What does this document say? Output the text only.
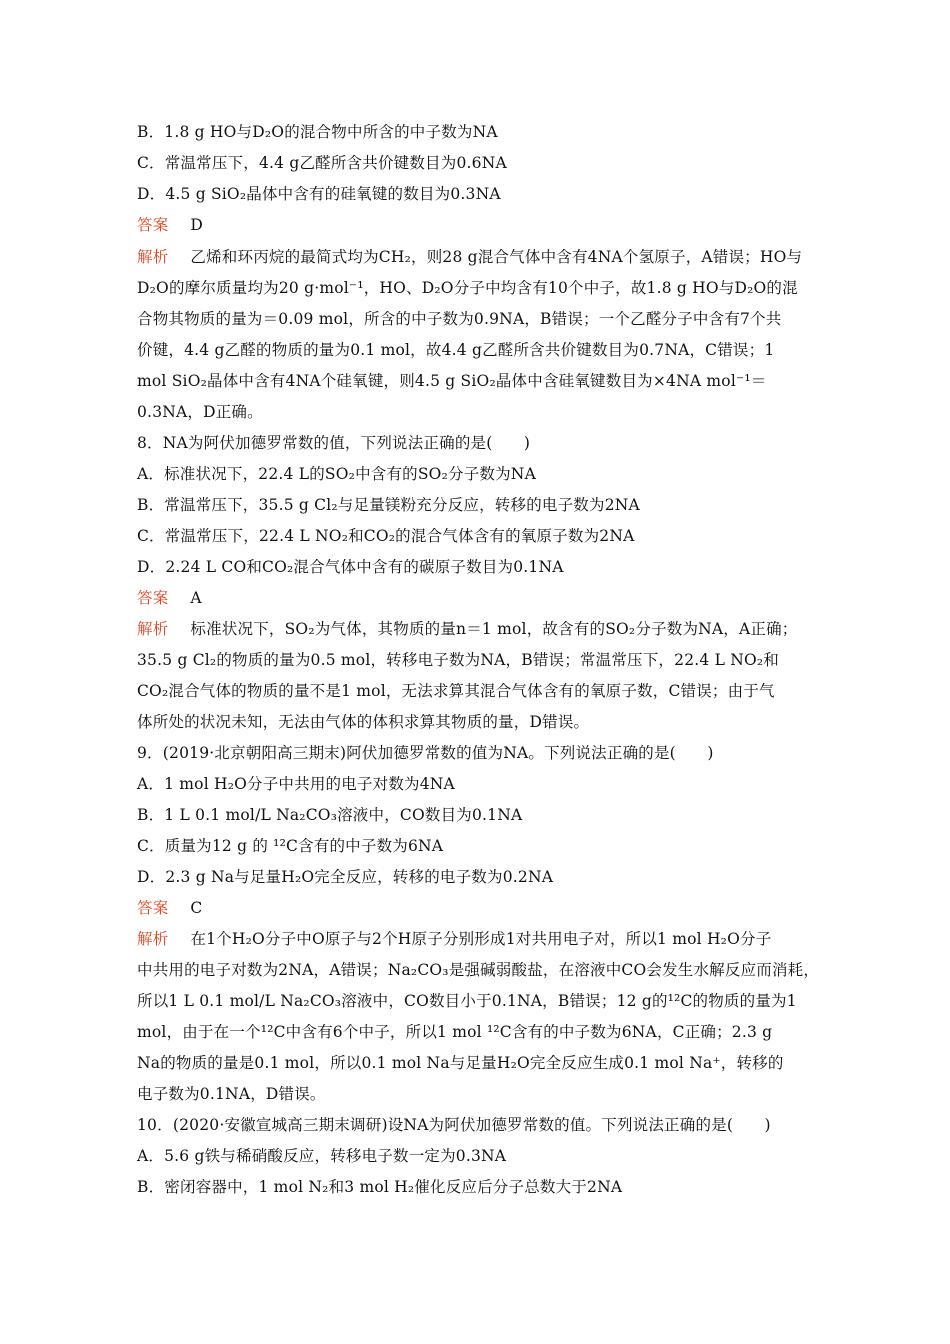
B．1.8 g HO与D₂O的混合物中所含的中子数为NA
C．常温常压下，4.4 g乙醛所含共价键数目为0.6NA
D．4.5 g SiO₂晶体中含有的硅氧键的数目为0.3NA
答案 D
解析 乙烯和环丙烷的最简式均为CH₂，则28 g混合气体中含有4NA个氢原子，A错误；HO与
D₂O的摩尔质量均为20 g·mol⁻¹，HO、D₂O分子中均含有10个中子，故1.8 g HO与D₂O的混
合物其物质的量为＝0.09 mol，所含的中子数为0.9NA，B错误；一个乙醛分子中含有7个共
价键，4.4 g乙醛的物质的量为0.1 mol，故4.4 g乙醛所含共价键数目为0.7NA，C错误；1
mol SiO₂晶体中含有4NA个硅氧键，则4.5 g SiO₂晶体中含硅氧键数目为×4NA mol⁻¹＝
0.3NA，D正确。
8．NA为阿伏加德罗常数的值，下列说法正确的是(　　)
A．标准状况下，22.4 L的SO₂中含有的SO₂分子数为NA
B．常温常压下，35.5 g Cl₂与足量镁粉充分反应，转移的电子数为2NA
C．常温常压下，22.4 L NO₂和CO₂的混合气体含有的氧原子数为2NA
D．2.24 L CO和CO₂混合气体中含有的碳原子数目为0.1NA
答案 A
解析 标准状况下，SO₂为气体，其物质的量n＝1 mol，故含有的SO₂分子数为NA，A正确；
35.5 g Cl₂的物质的量为0.5 mol，转移电子数为NA，B错误；常温常压下，22.4 L NO₂和
CO₂混合气体的物质的量不是1 mol，无法求算其混合气体含有的氧原子数，C错误；由于气
体所处的状况未知，无法由气体的体积求算其物质的量，D错误。
9．(2019·北京朝阳高三期末)阿伏加德罗常数的值为NA。下列说法正确的是(　　)
A．1 mol H₂O分子中共用的电子对数为4NA
B．1 L 0.1 mol/L Na₂CO₃溶液中，CO数目为0.1NA
C．质量为12 g 的 ¹²C含有的中子数为6NA
D．2.3 g Na与足量H₂O完全反应，转移的电子数为0.2NA
答案 C
解析 在1个H₂O分子中O原子与2个H原子分别形成1对共用电子对，所以1 mol H₂O分子
中共用的电子对数为2NA，A错误；Na₂CO₃是强碱弱酸盐，在溶液中CO会发生水解反应而消耗，
所以1 L 0.1 mol/L Na₂CO₃溶液中，CO数目小于0.1NA，B错误；12 g的¹²C的物质的量为1
mol，由于在一个¹²C中含有6个中子，所以1 mol ¹²C含有的中子数为6NA，C正确；2.3 g
Na的物质的量是0.1 mol，所以0.1 mol Na与足量H₂O完全反应生成0.1 mol Na⁺，转移的
电子数为0.1NA，D错误。
10．(2020·安徽宣城高三期末调研)设NA为阿伏加德罗常数的值。下列说法正确的是(　　)
A．5.6 g铁与稀硝酸反应，转移电子数一定为0.3NA
B．密闭容器中，1 mol N₂和3 mol H₂催化反应后分子总数大于2NA
